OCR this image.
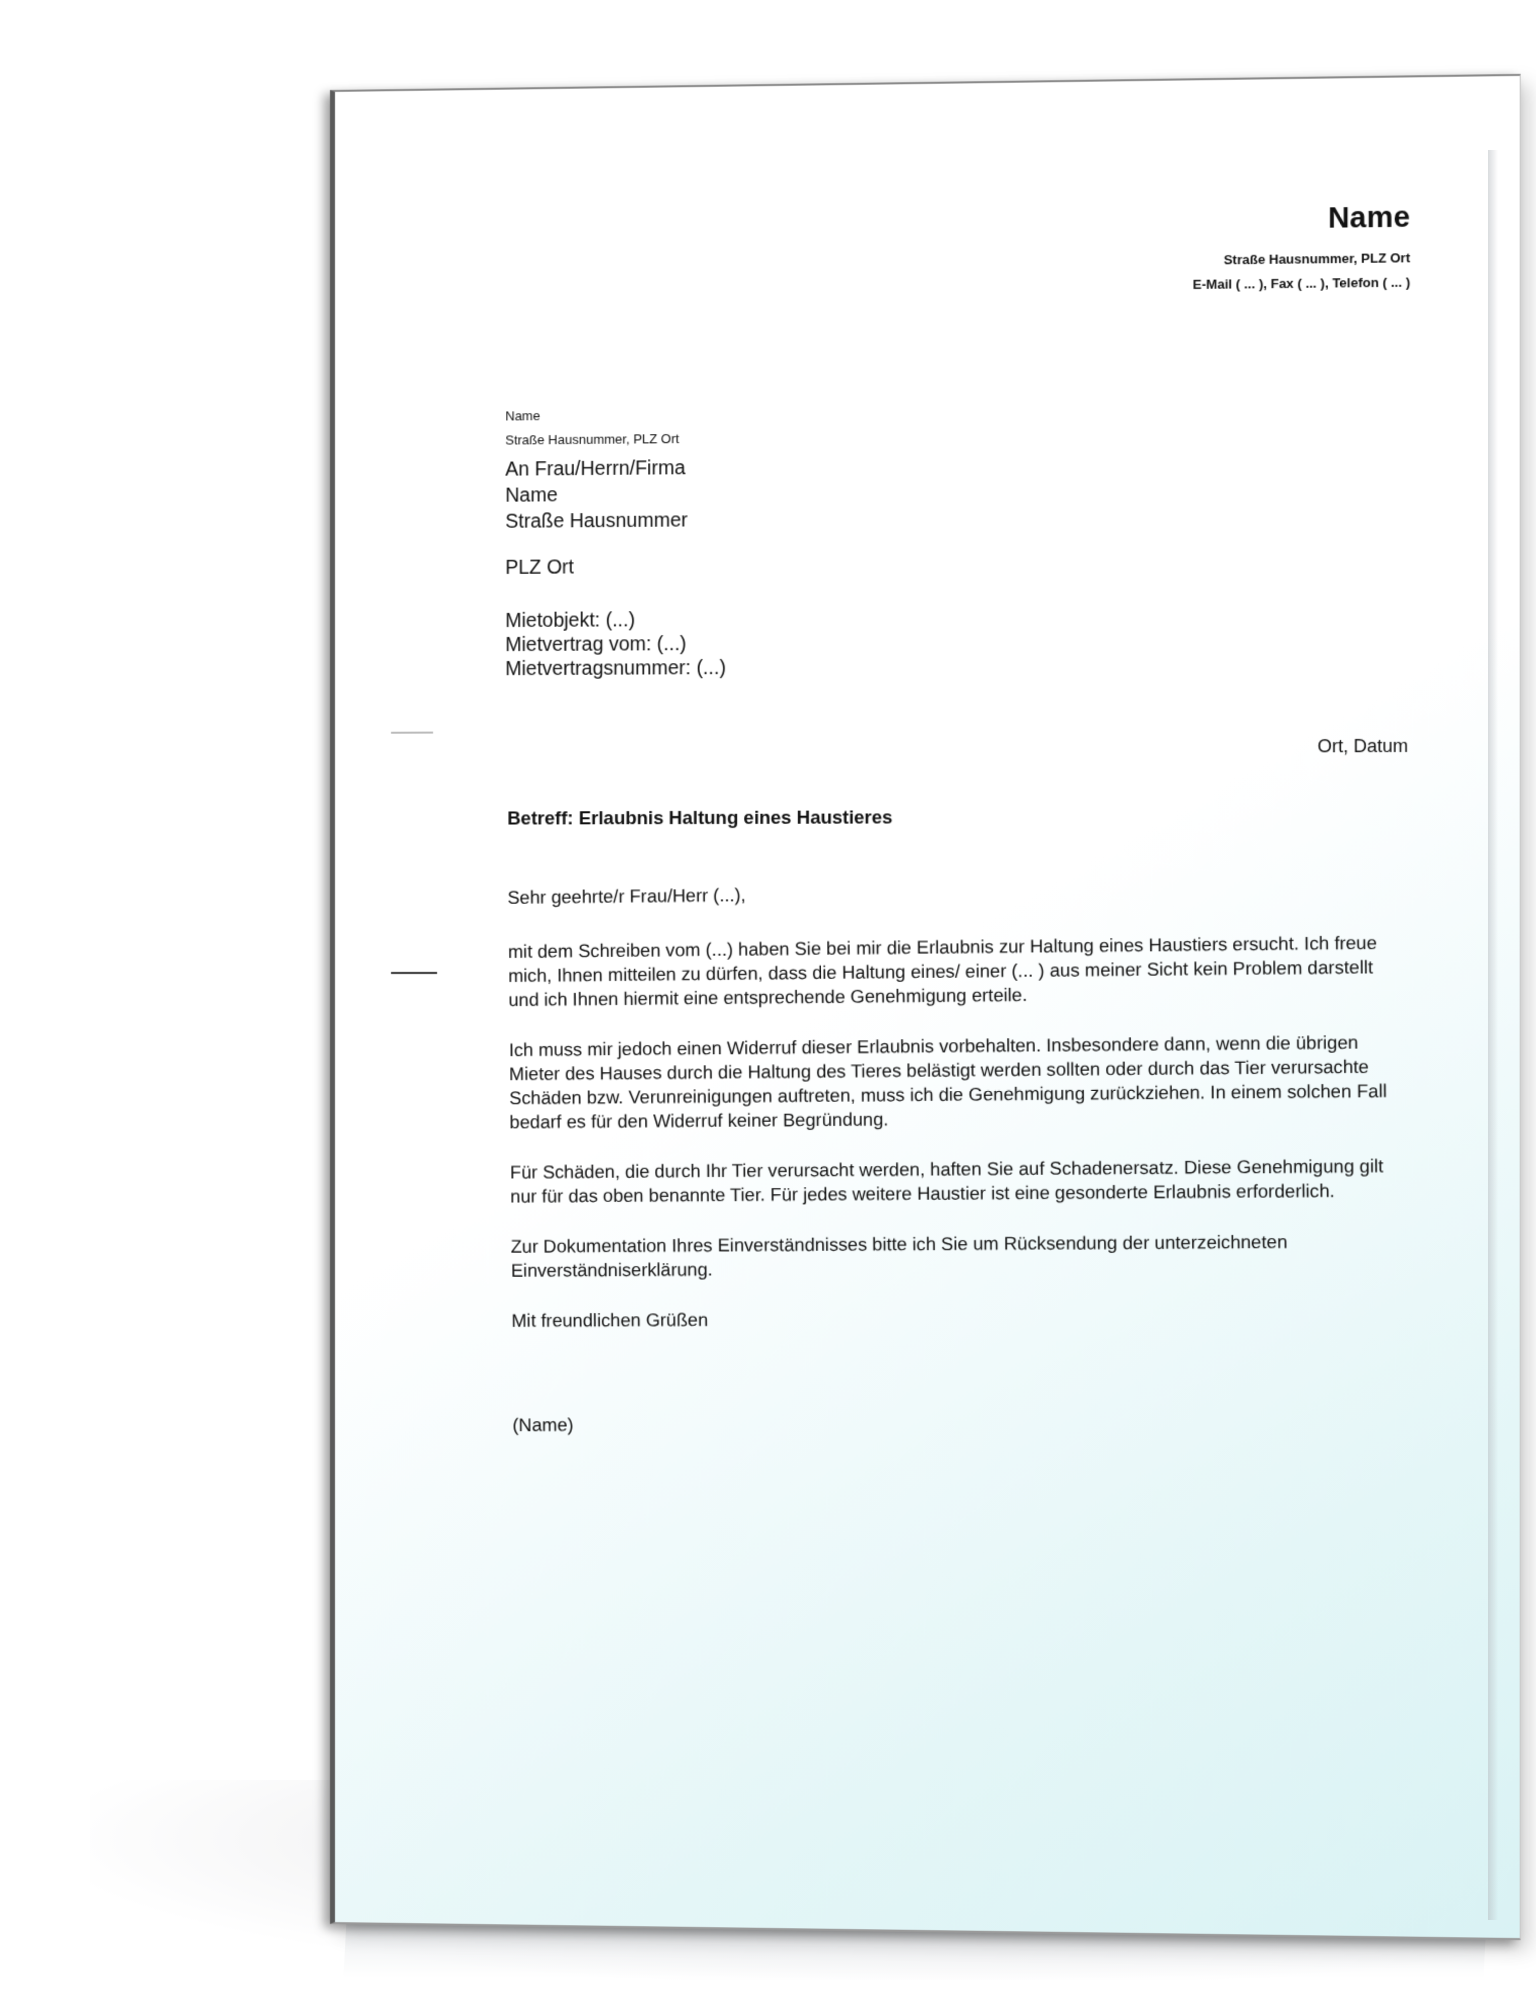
Name
Straße Hausnummer, PLZ Ort
E-Mail ( ... ), Fax ( ... ), Telefon ( ... )
Name
Straße Hausnummer, PLZ Ort
An Frau/Herrn/Firma
Name
Straße Hausnummer
PLZ Ort
Mietobjekt: (...)
Mietvertrag vom: (...)
Mietvertragsnummer: (...)
Ort, Datum
Betreff: Erlaubnis Haltung eines Haustieres

Sehr geehrte/r Frau/Herr (...),

mit dem Schreiben vom (...) haben Sie bei mir die Erlaubnis zur Haltung eines Haustiers ersucht. Ich freue mich, Ihnen mitteilen zu dürfen, dass die Haltung eines/ einer (... ) aus meiner Sicht kein Problem darstellt und ich Ihnen hiermit eine entsprechende Genehmigung erteile.

Ich muss mir jedoch einen Widerruf dieser Erlaubnis vorbehalten. Insbesondere dann, wenn die übrigen Mieter des Hauses durch die Haltung des Tieres belästigt werden sollten oder durch das Tier verursachte Schäden bzw. Verunreinigungen auftreten, muss ich die Genehmigung zurückziehen. In einem solchen Fall bedarf es für den Widerruf keiner Begründung.

Für Schäden, die durch Ihr Tier verursacht werden, haften Sie auf Schadenersatz. Diese Genehmigung gilt nur für das oben benannte Tier. Für jedes weitere Haustier ist eine gesonderte Erlaubnis erforderlich.

Zur Dokumentation Ihres Einverständnisses bitte ich Sie um Rücksendung der unterzeichneten Einverständniserklärung.

Mit freundlichen Grüßen

(Name)
